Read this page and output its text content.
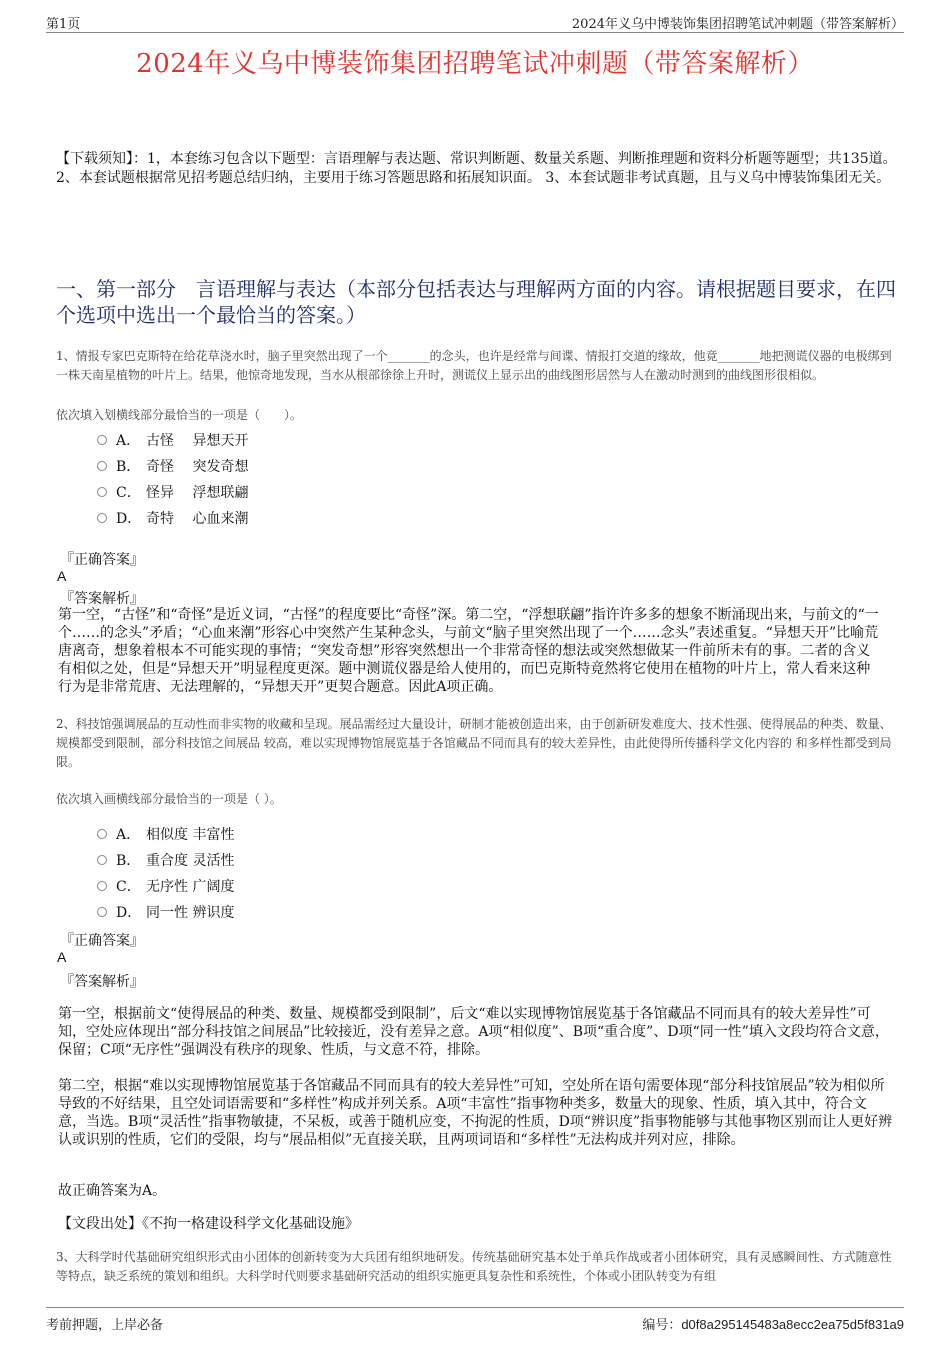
第1页	2024年义乌中博装饰集团招聘笔试冲刺题（带答案解析）
2024年义乌中博装饰集团招聘笔试冲刺题（带答案解析）
【下载须知】：1，本套练习包含以下题型：言语理解与表达题、常识判断题、数量关系题、判断推理题和资料分析题等题型；共135道。 2、本套试题根据常见招考题总结归纳，主要用于练习答题思路和拓展知识面。 3、本套试题非考试真题，且与义乌中博装饰集团无关。
一、第一部分　言语理解与表达（本部分包括表达与理解两方面的内容。请根据题目要求，在四个选项中选出一个最恰当的答案。）
1、情报专家巴克斯特在给花草浇水时，脑子里突然出现了一个_______的念头，也许是经常与间谍、情报打交道的缘故，他竟_______地把测谎仪器的电极绑到一株天南星植物的叶片上。结果，他惊奇地发现，当水从根部徐徐上升时，测谎仪上显示出的曲线图形居然与人在激动时测到的曲线图形很相似。
依次填入划横线部分最恰当的一项是（　　）。
A． 古怪 异想天开
B． 奇怪 突发奇想
C． 怪异 浮想联翩
D． 奇特 心血来潮
『正确答案』
A
『答案解析』
第一空，“古怪”和“奇怪”是近义词，“古怪”的程度要比“奇怪”深。第二空，“浮想联翩”指许许多多的想象不断涌现出来，与前文的“一个……的念头”矛盾；“心血来潮”形容心中突然产生某种念头，与前文“脑子里突然出现了一个……念头”表述重复。“异想天开”比喻荒唐离奇，想象着根本不可能实现的事情；“突发奇想”形容突然想出一个非常奇怪的想法或突然想做某一件前所未有的事。二者的含义有相似之处，但是“异想天开”明显程度更深。题中测谎仪器是给人使用的，而巴克斯特竟然将它使用在植物的叶片上，常人看来这种行为是非常荒唐、无法理解的，“异想天开”更契合题意。因此A项正确。
2、科技馆强调展品的互动性而非实物的收藏和呈现。展品需经过大量设计，研制才能被创造出来，由于创新研发难度大、技术性强、使得展品的种类、数量、规模都受到限制，部分科技馆之间展品 较高，难以实现博物馆展览基于各馆藏品不同而具有的较大差异性，由此使得所传播科学文化内容的 和多样性都受到局限。
依次填入画横线部分最恰当的一项是（ ）。
A． 相似度 丰富性
B． 重合度 灵活性
C． 无序性 广阔度
D． 同一性 辨识度
『正确答案』
A
『答案解析』
第一空，根据前文“使得展品的种类、数量、规模都受到限制”，后文“难以实现博物馆展览基于各馆藏品不同而具有的较大差异性”可知，空处应体现出“部分科技馆之间展品”比较接近，没有差异之意。A项“相似度”、B项“重合度”、D项“同一性”填入文段均符合文意，保留；C项“无序性”强调没有秩序的现象、性质，与文意不符，排除。
第二空，根据“难以实现博物馆展览基于各馆藏品不同而具有的较大差异性”可知，空处所在语句需要体现“部分科技馆展品”较为相似所导致的不好结果，且空处词语需要和“多样性”构成并列关系。A项“丰富性”指事物种类多，数量大的现象、性质，填入其中，符合文意，当选。B项“灵活性”指事物敏捷，不呆板，或善于随机应变，不拘泥的性质，D项“辨识度”指事物能够与其他事物区别而让人更好辨认或识别的性质，它们的受限，均与“展品相似”无直接关联，且两项词语和“多样性”无法构成并列对应，排除。
故正确答案为A。
【文段出处】《不拘一格建设科学文化基础设施》
3、大科学时代基础研究组织形式由小团体的创新转变为大兵团有组织地研发。传统基础研究基本处于单兵作战或者小团体研究，具有灵感瞬间性、方式随意性等特点，缺乏系统的策划和组织。大科学时代则要求基础研究活动的组织实施更具复杂性和系统性，个体或小团队转变为有组
考前押题，上岸必备	编号：d0f8a295145483a8ecc2ea75d5f831a9
